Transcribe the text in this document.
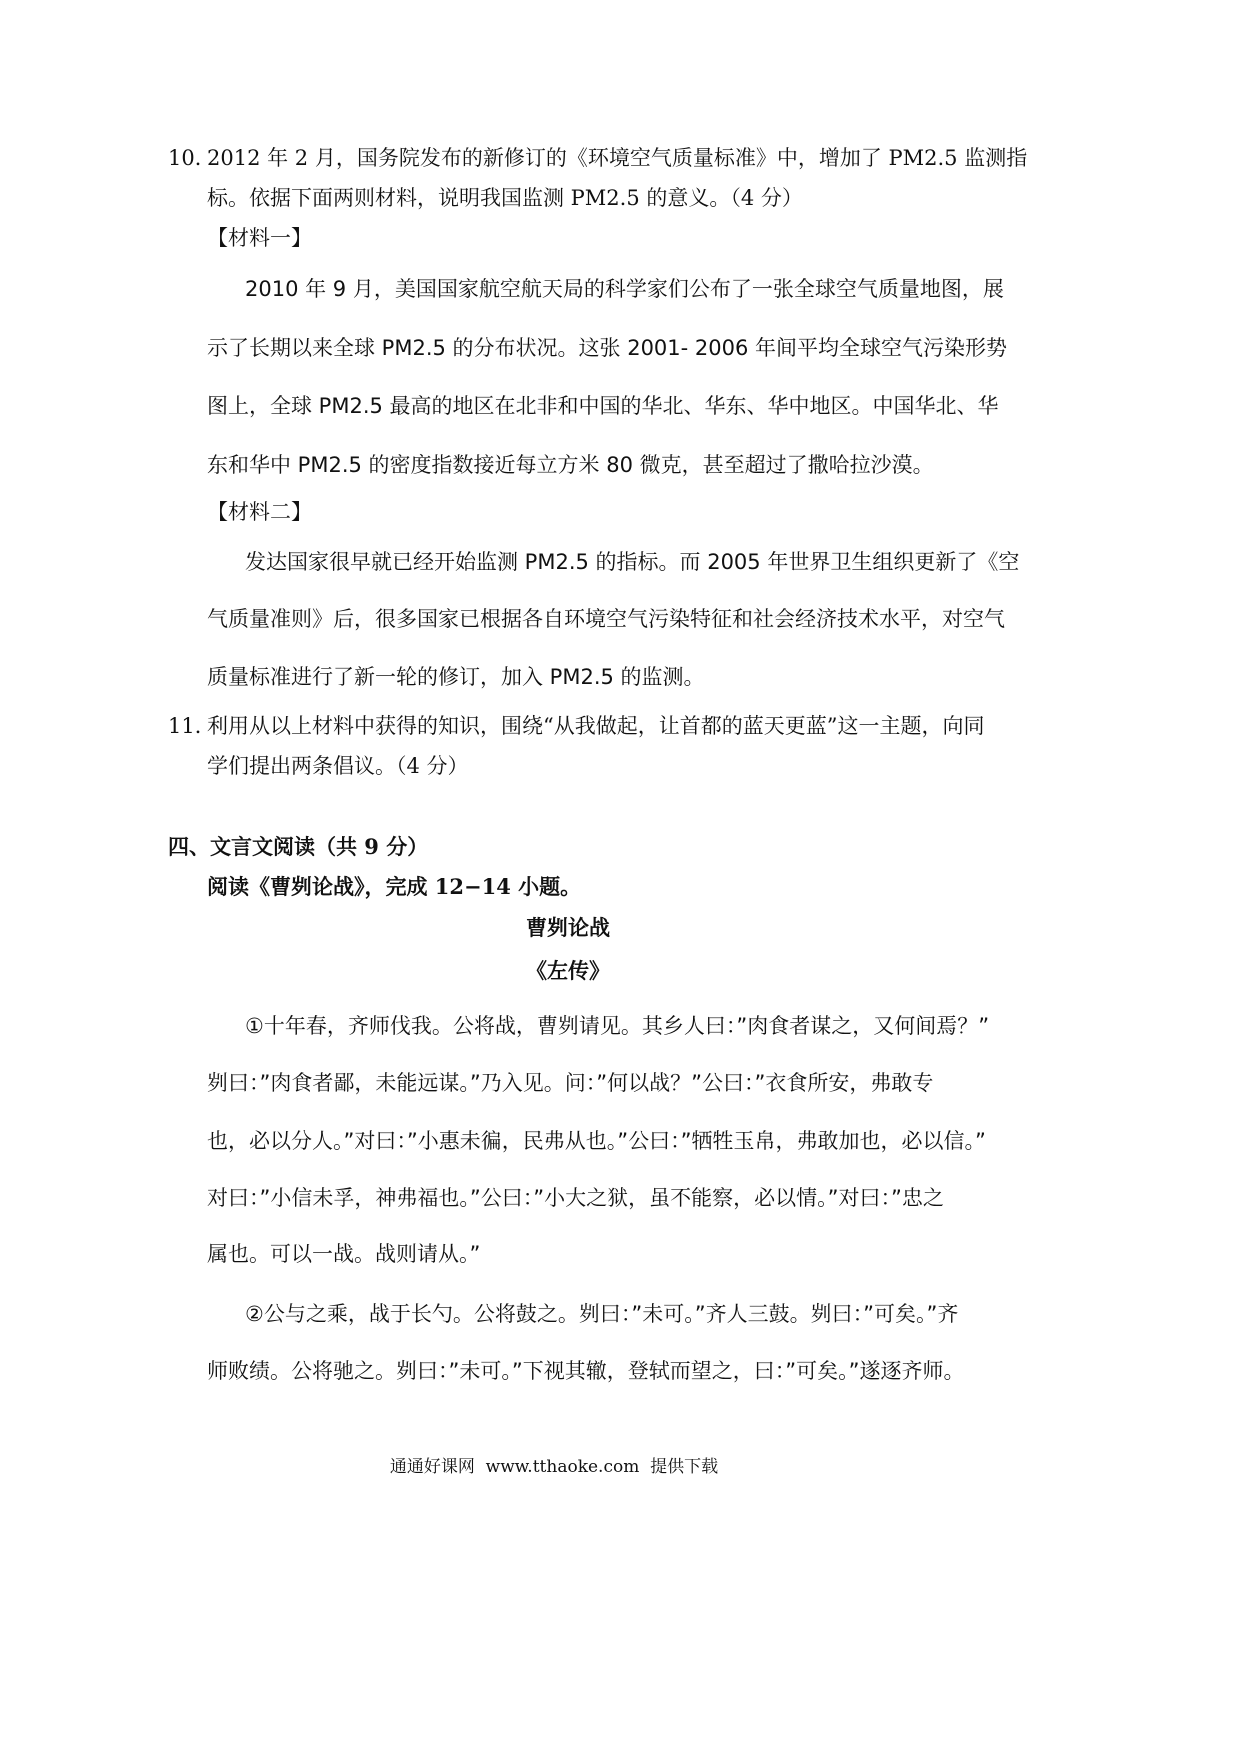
10．
2012 年 2 月，国务院发布的新修订的《环境空气质量标准》中，增加了 PM2.5 监测指
标。依据下面两则材料，说明我国监测 PM2.5 的意义。（4 分）
【材料一】
2010 年 9 月，美国国家航空航天局的科学家们公布了一张全球空气质量地图，展
示了长期以来全球 PM2.5 的分布状况。这张 2001- 2006 年间平均全球空气污染形势
图上，全球 PM2.5 最高的地区在北非和中国的华北、华东、华中地区。中国华北、华
东和华中 PM2.5 的密度指数接近每立方米 80 微克，甚至超过了撒哈拉沙漠。
【材料二】
发达国家很早就已经开始监测 PM2.5 的指标。而 2005 年世界卫生组织更新了《空
气质量准则》后，很多国家已根据各自环境空气污染特征和社会经济技术水平，对空气
质量标准进行了新一轮的修订，加入 PM2.5 的监测。
11．
利用从以上材料中获得的知识，围绕“从我做起，让首都的蓝天更蓝”这一主题，向同
学们提出两条倡议。（4 分）
四、文言文阅读（共 9 分）
阅读《曹刿论战》，完成 12−14 小题。
曹刿论战
《左传》
①十年春，齐师伐我。公将战，曹刿请见。其乡人曰：”肉食者谋之，又何间焉？”
刿曰：”肉食者鄙，未能远谋。”乃入见。问：”何以战？”公曰：”衣食所安，弗敢专
也，必以分人。”对曰：”小惠未徧，民弗从也。”公曰：”牺牲玉帛，弗敢加也，必以信。”
对曰：”小信未孚，神弗福也。”公曰：”小大之狱，虽不能察，必以情。”对曰：”忠之
属也。可以一战。战则请从。”
②公与之乘，战于长勺。公将鼓之。刿曰：”未可。”齐人三鼓。刿曰：”可矣。”齐
师败绩。公将驰之。刿曰：”未可。”下视其辙，登轼而望之，曰：”可矣。”遂逐齐师。
通通好课网  www.tthaoke.com  提供下载
